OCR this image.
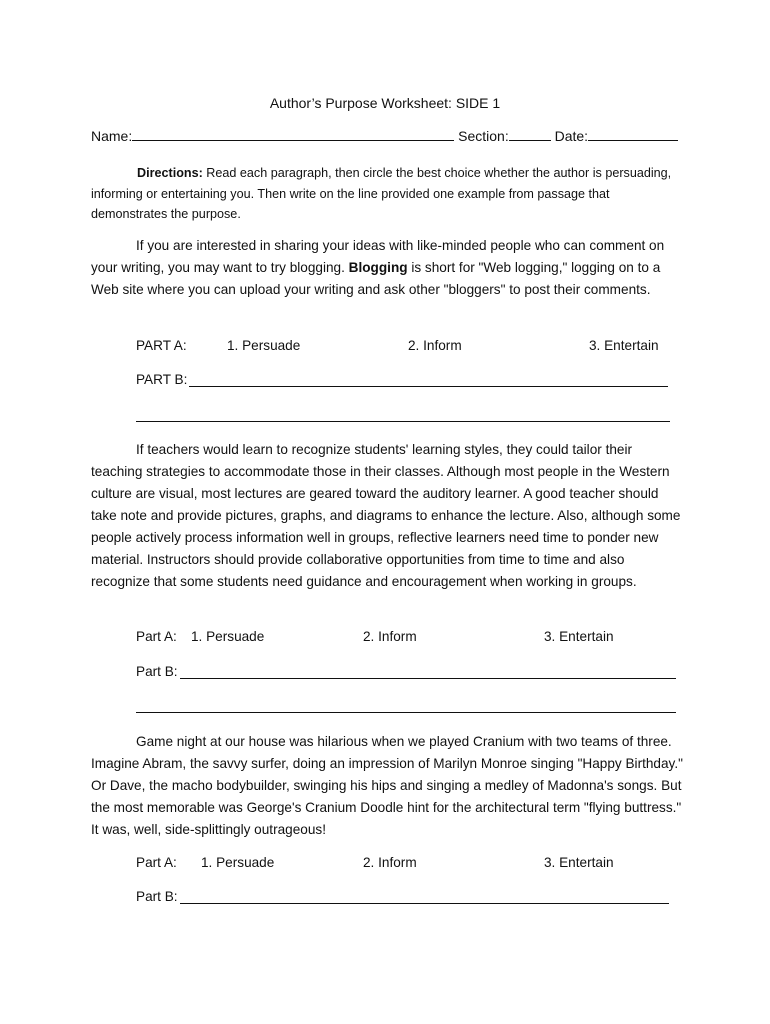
Author’s Purpose Worksheet: SIDE 1
Name:	Section:	Date:
Directions: Read each paragraph, then circle the best choice whether the author is persuading, informing or entertaining you. Then write on the line provided one example from passage that demonstrates the purpose.
If you are interested in sharing your ideas with like-minded people who can comment on your writing, you may want to try blogging. Blogging is short for "Web logging," logging on to a Web site where you can upload your writing and ask other "bloggers" to post their comments.
PART A:	1. Persuade	2. Inform	3. Entertain
PART B:
If teachers would learn to recognize students' learning styles, they could tailor their teaching strategies to accommodate those in their classes. Although most people in the Western culture are visual, most lectures are geared toward the auditory learner. A good teacher should take note and provide pictures, graphs, and diagrams to enhance the lecture. Also, although some people actively process information well in groups, reflective learners need time to ponder new material. Instructors should provide collaborative opportunities from time to time and also recognize that some students need guidance and encouragement when working in groups.
Part A: 1. Persuade	2. Inform	3. Entertain
Part B:
Game night at our house was hilarious when we played Cranium with two teams of three. Imagine Abram, the savvy surfer, doing an impression of Marilyn Monroe singing "Happy Birthday." Or Dave, the macho bodybuilder, swinging his hips and singing a medley of Madonna's songs. But the most memorable was George's Cranium Doodle hint for the architectural term "flying buttress." It was, well, side-splittingly outrageous!
Part A: 1. Persuade	2. Inform	3. Entertain
Part B:
